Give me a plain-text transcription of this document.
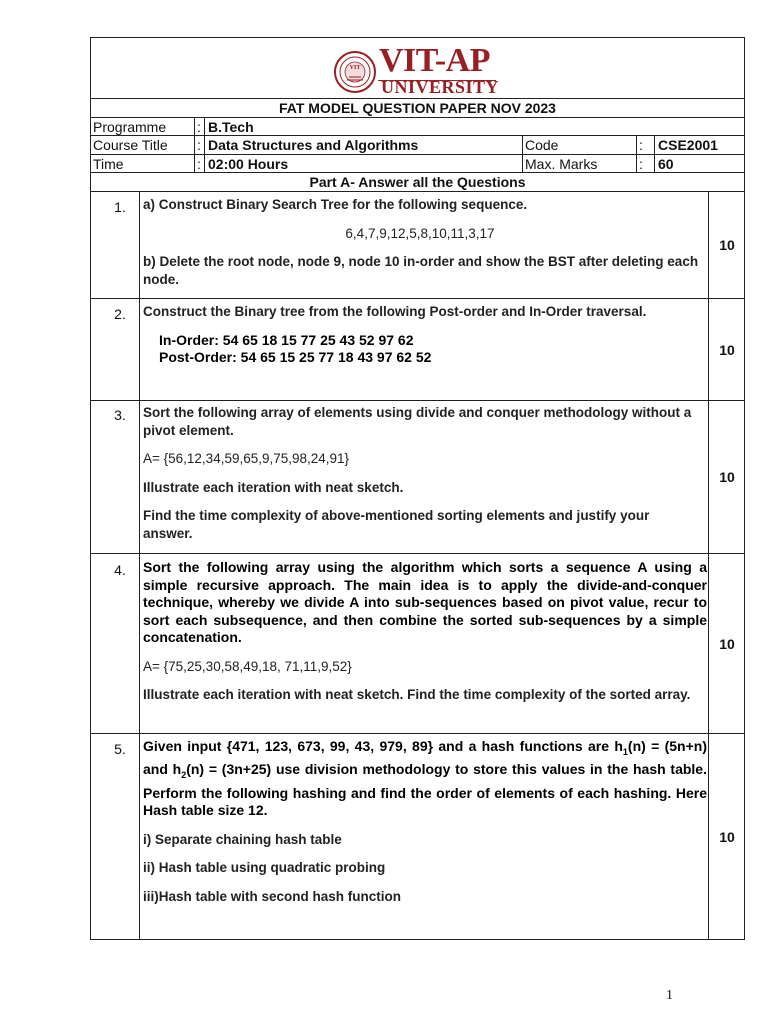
VIT VIT-AP
UNIVERSITY
FAT MODEL QUESTION PAPER NOV 2023
Programme : B.Tech
Course Title : Data Structures and Algorithms	Code	: CSE2001
Time	: 02:00 Hours	Max. Marks	: 60
Part A- Answer all the Questions
1.	a) Construct Binary Search Tree for the following sequence.

6,4,7,9,12,5,8,10,11,3,17

b) Delete the root node, node 9, node 10 in-order and show the BST after deleting each node.

10
2.	Construct the Binary tree from the following Post-order and In-Order traversal.

In-Order: 54 65 18 15 77 25 43 52 97 62

Post-Order: 54 65 15 25 77 18 43 97 62 52	10
3.	Sort the following array of elements using divide and conquer methodology without a pivot element.

A= {56,12,34,59,65,9,75,98,24,91}

Illustrate each iteration with neat sketch.

Find the time complexity of above-mentioned sorting elements and justify your answer.

10
4.	Sort the following array using the algorithm which sorts a sequence A using a simple recursive approach. The main idea is to apply the divide-and-conquer technique, whereby we divide A into sub-sequences based on pivot value, recur to sort each subsequence, and then combine the sorted sub-sequences by a simple concatenation.

A= {75,25,30,58,49,18, 71,11,9,52}

Illustrate each iteration with neat sketch. Find the time complexity of the sorted array.

10
5.	Given input {471, 123, 673, 99, 43, 979, 89} and a hash functions are $h_1(n) = (5n+n)$ and $h_2(n) = (3n+25)$ use division methodology to store this values in the hash table. Perform the following hashing and find the order of elements of each hashing. Here Hash table size 12.

i) Separate chaining hash table

ii) Hash table using quadratic probing

iii)Hash table with second hash function

10
1
